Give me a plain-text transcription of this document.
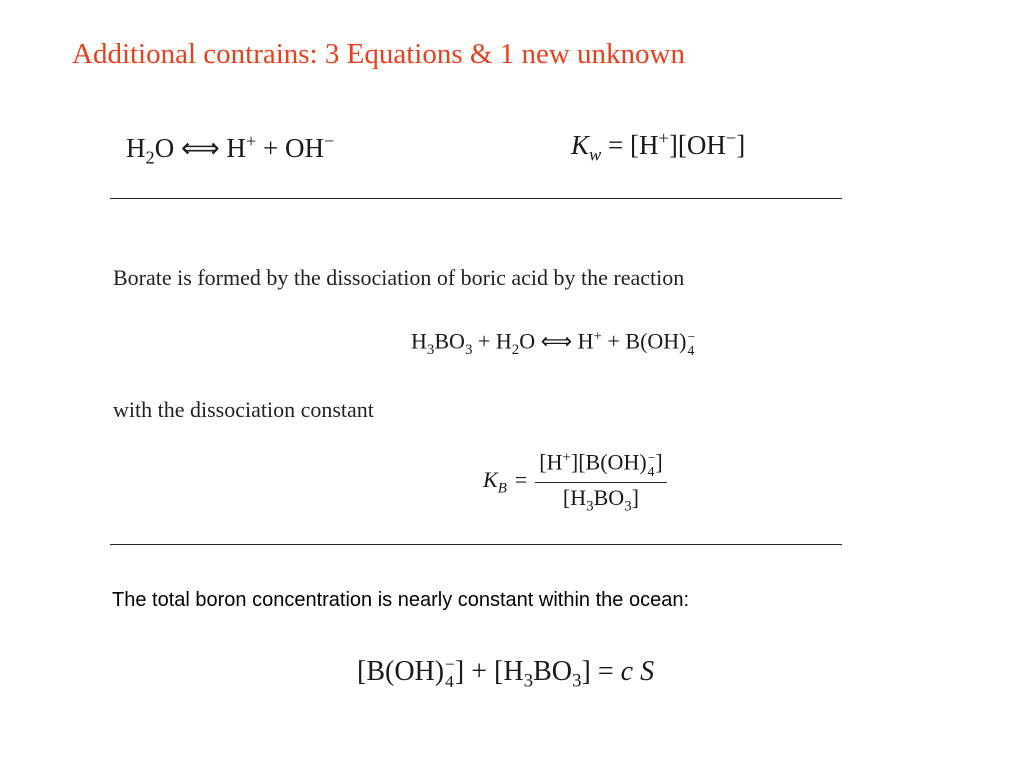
Additional contrains: 3 Equations & 1 new unknown
$H_2O$ ⟺ H+ + OH−	$K_w = [H^+][OH^-]$
Borate is formed by the dissociation of boric acid by the reaction
$H_3BO_3 + H_2O$ ⟺ H+ + B(OH) −
4
with the dissociation constant
$K_B = [H^+][B(OH)$ −
4 ]
$[H_3BO_3]$
The total boron concentration is nearly constant within the ocean:
[B(OH) −
4 ] + $[H_3BO_3] = c$ S
